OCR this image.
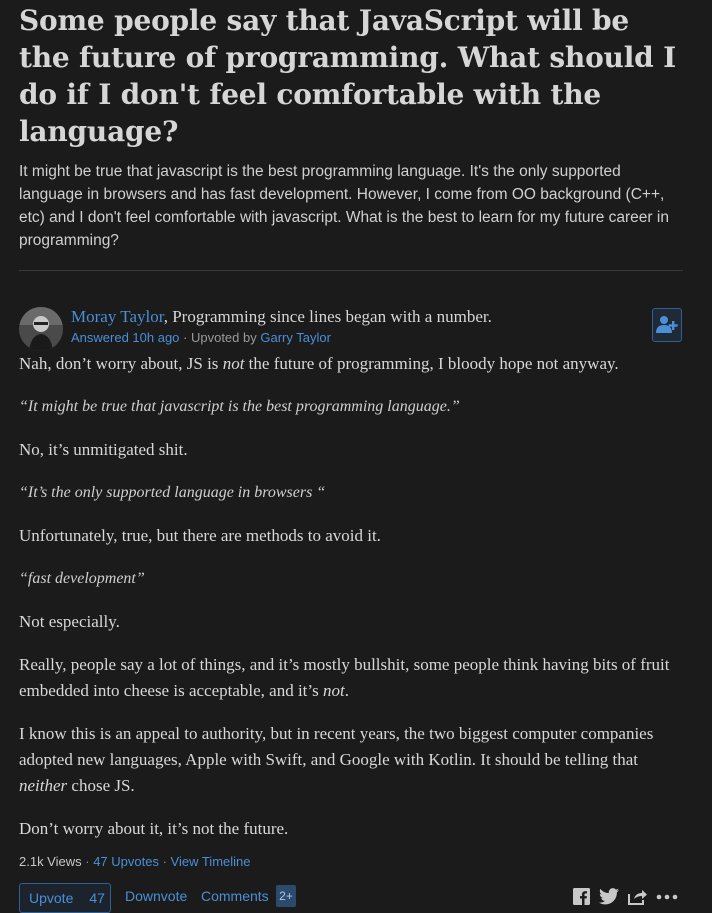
Some people say that JavaScript will be the future of programming. What should I do if I don't feel comfortable with the language?

It might be true that javascript is the best programming language. It's the only supported language in browsers and has fast development. However, I come from OO background (C++, etc) and I don't feel comfortable with javascript. What is the best to learn for my future career in programming?

Moray Taylor, Programming since lines began with a number.
Answered 10h ago · Upvoted by Garry Taylor

Nah, don’t worry about, JS is not the future of programming, I bloody hope not anyway.

“It might be true that javascript is the best programming language.”

No, it’s unmitigated shit.

“It’s the only supported language in browsers “

Unfortunately, true, but there are methods to avoid it.

“fast development”

Not especially.

Really, people say a lot of things, and it’s mostly bullshit, some people think having bits of fruit embedded into cheese is acceptable, and it’s not.

I know this is an appeal to authority, but in recent years, the two biggest computer companies adopted new languages, Apple with Swift, and Google with Kotlin. It should be telling that neither chose JS.

Don’t worry about it, it’s not the future.

2.1k Views · 47 Upvotes · View Timeline
Upvote	47	Downvote Comments 2+
